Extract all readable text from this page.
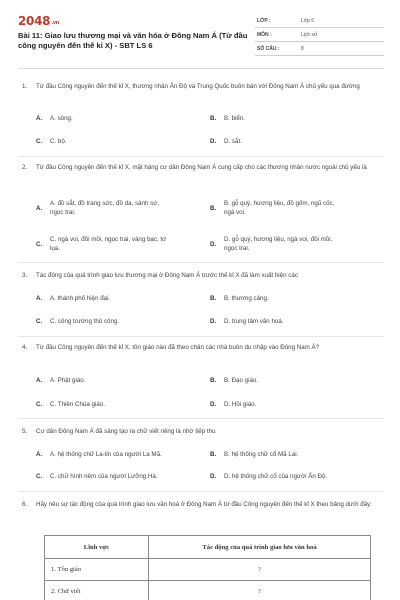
2048.vn
Bài 11: Giao lưu thương mại và văn hóa ở Đông Nam Á (Từ đầu công nguyên đến thế kỉ X) - SBT LS 6
LỚP :	Lớp 6
MÔN :	Lịch sử
SỐ CÂU :	8
1. Từ đầu Công nguyên đến thế kỉ X, thương nhân Ấn Độ và Trung Quốc buôn bán với Đông Nam Á chủ yếu qua đường
A. A. sông.	B. B. biển.
C. C. bộ.	D. D. sắt.
2. Từ đầu Công nguyên đến thế kỉ X, mặt hàng cư dân Đông Nam Á cung cấp cho các thương nhân nước ngoài chủ yếu là
A.
A. đồ sắt, đồ trang sức, đồ da, sành sứ,
ngọc trai.
B.
B. gỗ quý, hương liệu, đồ gốm, ngũ cốc,
ngà voi.
C.
C. ngà voi, đồi mồi, ngọc trai, vàng bạc, tơ
lụa.
D.
D. gỗ quý, hương liệu, ngà voi, đồi mồi,
ngọc trai.
3. Tác động của quá trình giao lưu thương mại ở Đông Nam Á trước thế kỉ X đã làm xuất hiện các
A. A. thành phố hiện đại.	B. B. thương cảng.
C. C. công trường thủ công.	D. D. trung tâm văn hoá.
4. Từ đầu Công nguyên đến thế kỉ X, tôn giáo nào đã theo chân các nhà buôn du nhập vào Đông Nam Á?
A. A. Phật giáo.	B. B. Đạo giáo.
C. C. Thiên Chúa giáo.	D. D. Hồi giáo.
5. Cư dân Đông Nam Á đã sáng tạo ra chữ viết riêng là nhờ tiếp thu
A. A. hệ thống chữ La-tin của người La Mã.	B. B. hệ thống chữ cổ Mã Lai.
C. C. chữ hình nêm của người Lưỡng Hà.	D. D. hệ thống chữ cổ của người Ấn Độ.
6. Hãy nêu sự tác động của quá trình giao lưu văn hoá ở Đông Nam Á từ đầu Công nguyên đến thế kỉ X theo bảng dưới đây:
Lĩnh vực	Tác động của quá trình giao lưu văn hoá
1. Tôn giáo	?
2. Chữ viết	?
